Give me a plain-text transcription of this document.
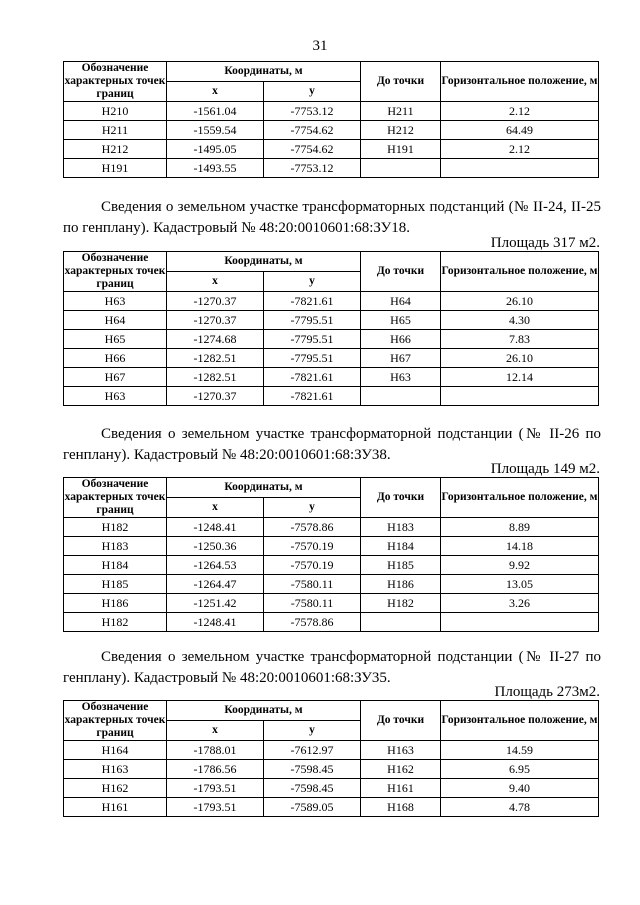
31
Обозначение характерных точек границ	Координаты, м		До точки	Горизонтальное положение, м
	x	y		
Н210	-1561.04	-7753.12	Н211	2.12
Н211	-1559.54	-7754.62	Н212	64.49
Н212	-1495.05	-7754.62	Н191	2.12
Н191	-1493.55	-7753.12		
Сведения о земельном участке трансформаторных подстанций (№ II-24, II-25 по генплану). Кадастровый № 48:20:0010601:68:ЗУ18.
Площадь 317 м2.
Обозначение характерных точек границ	Координаты, м		До точки	Горизонтальное положение, м
	x	y		
Н63	-1270.37	-7821.61	Н64	26.10
Н64	-1270.37	-7795.51	Н65	4.30
Н65	-1274.68	-7795.51	Н66	7.83
Н66	-1282.51	-7795.51	Н67	26.10
Н67	-1282.51	-7821.61	Н63	12.14
Н63	-1270.37	-7821.61		
Сведения о земельном участке трансформаторной подстанции (№ II-26 по генплану). Кадастровый № 48:20:0010601:68:ЗУ38.
Площадь 149 м2.
Обозначение характерных точек границ	Координаты, м		До точки	Горизонтальное положение, м
	x	y		
Н182	-1248.41	-7578.86	Н183	8.89
Н183	-1250.36	-7570.19	Н184	14.18
Н184	-1264.53	-7570.19	Н185	9.92
Н185	-1264.47	-7580.11	Н186	13.05
Н186	-1251.42	-7580.11	Н182	3.26
Н182	-1248.41	-7578.86		
Сведения о земельном участке трансформаторной подстанции (№ II-27 по генплану). Кадастровый № 48:20:0010601:68:ЗУ35.
Площадь 273м2.
Обозначение характерных точек границ	Координаты, м		До точки	Горизонтальное положение, м
	x	y		
Н164	-1788.01	-7612.97	Н163	14.59
Н163	-1786.56	-7598.45	Н162	6.95
Н162	-1793.51	-7598.45	Н161	9.40
Н161	-1793.51	-7589.05	Н168	4.78
